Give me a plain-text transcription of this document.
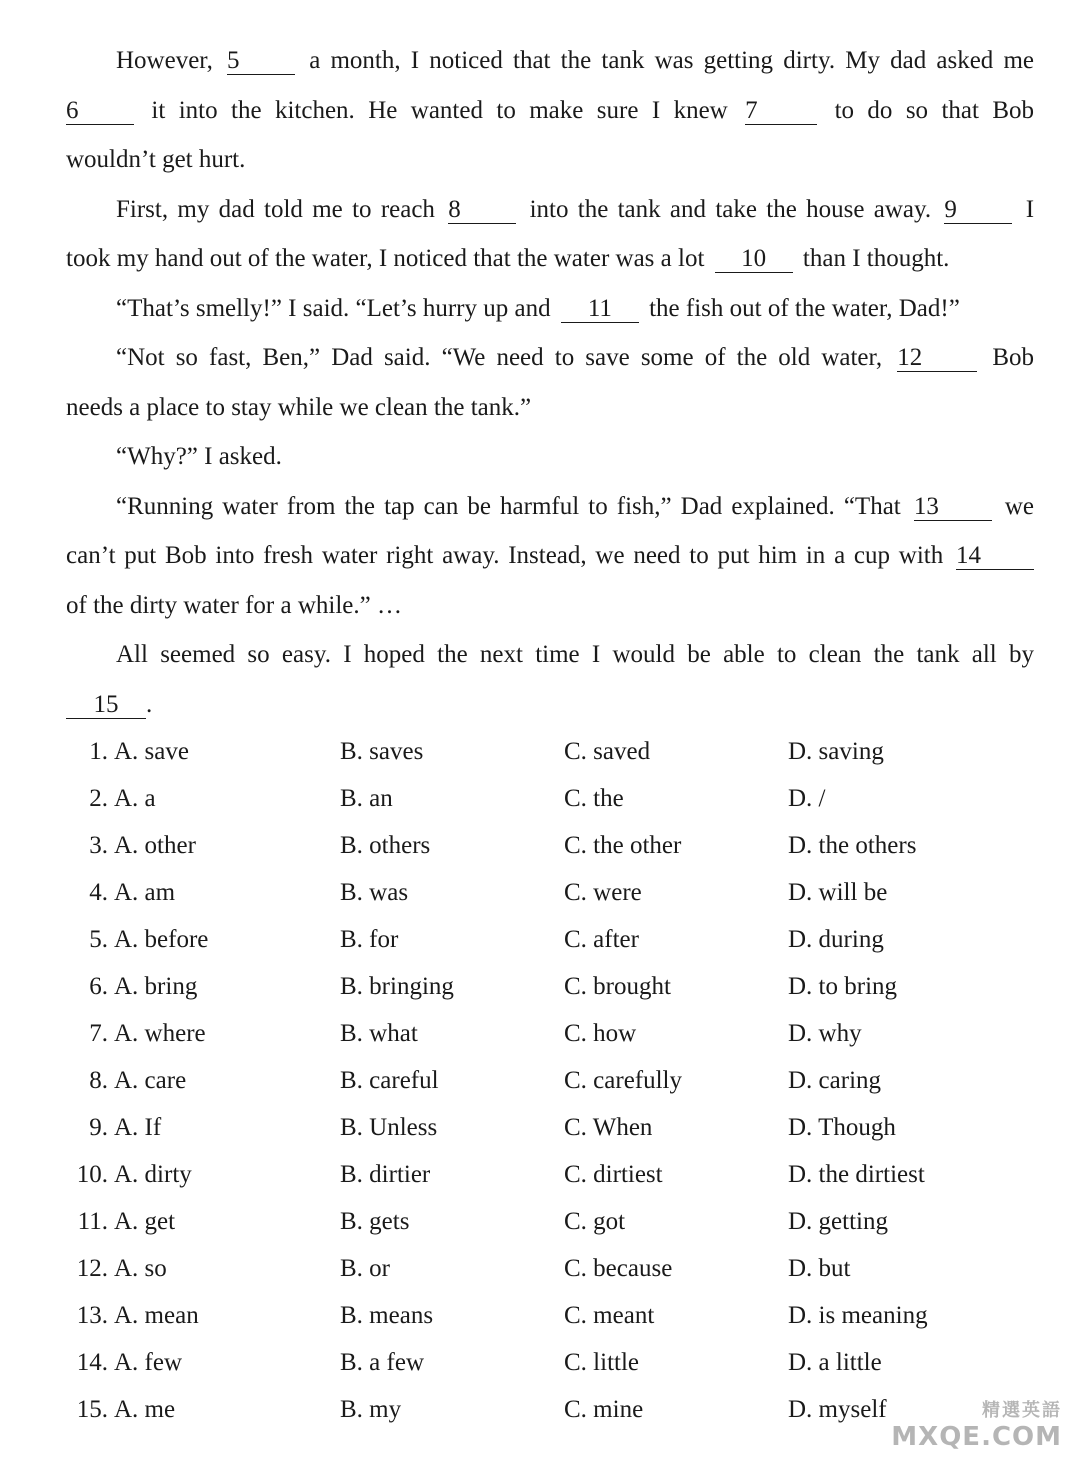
However, 5	a month, I noticed that the tank was getting dirty. My dad asked me
6	it into the kitchen. He wanted to make sure I knew 7	to do so that Bob
wouldn’t get hurt.
First, my dad told me to reach 8	into the tank and take the house away. 9	I
took my hand out of the water, I noticed that the water was a lot 10 than I thought.
“That’s smelly!” I said. “Let’s hurry up and 11 the fish out of the water, Dad!”
“Not so fast, Ben,” Dad said. “We need to save some of the old water, 12	Bob
needs a place to stay while we clean the tank.”
“Why?” I asked.
“Running water from the tap can be harmful to fish,” Dad explained. “That 13	we
can’t put Bob into fresh water right away. Instead, we need to put him in a cup with 14
of the dirty water for a while.” …
All seemed so easy. I hoped the next time I would be able to clean the tank all by
15 .
1. A. save	B. saves	C. saved	D. saving
2. A. a	B. an	C. the	D. /
3. A. other	B. others	C. the other	D. the others
4. A. am	B. was	C. were	D. will be
5. A. before	B. for	C. after	D. during
6. A. bring	B. bringing	C. brought	D. to bring
7. A. where	B. what	C. how	D. why
8. A. care	B. careful	C. carefully	D. caring
9. A. If	B. Unless	C. When	D. Though
10. A. dirty	B. dirtier	C. dirtiest	D. the dirtiest
11. A. get	B. gets	C. got	D. getting
12. A. so	B. or	C. because	D. but
13. A. mean	B. means	C. meant	D. is meaning
14. A. few	B. a few	C. little	D. a little
15. A. me	B. my	C. mine	D. myself	精選英語
MXQE.COM
